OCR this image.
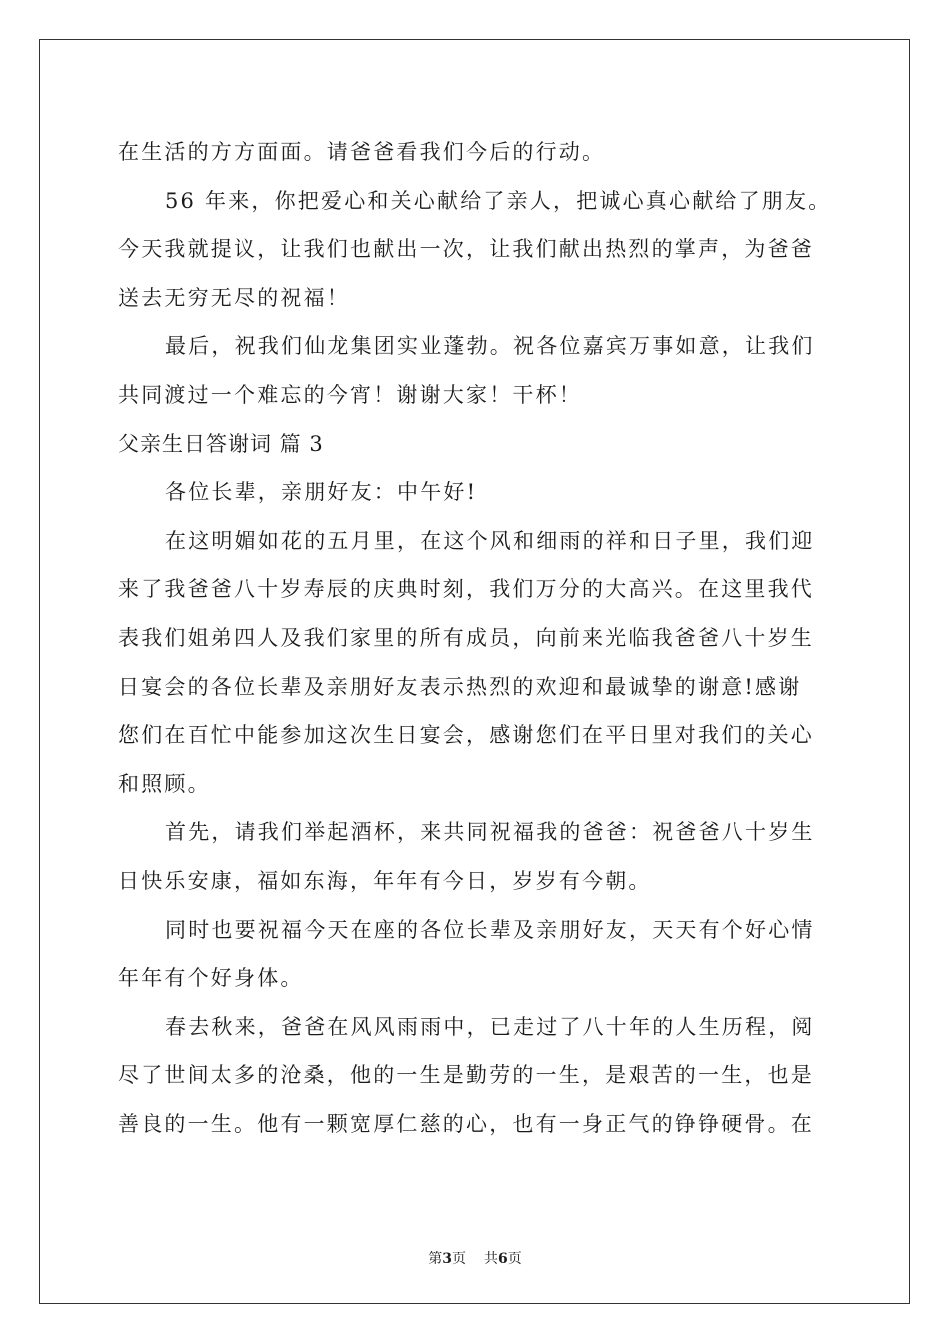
在生活的方方面面。请爸爸看我们今后的行动。
56 年来，你把爱心和关心献给了亲人，把诚心真心献给了朋友。
今天我就提议，让我们也献出一次，让我们献出热烈的掌声，为爸爸
送去无穷无尽的祝福！
最后，祝我们仙龙集团实业蓬勃。祝各位嘉宾万事如意，让我们
共同渡过一个难忘的今宵！谢谢大家！干杯！
父亲生日答谢词 篇 3
各位长辈，亲朋好友：中午好!
在这明媚如花的五月里，在这个风和细雨的祥和日子里，我们迎
来了我爸爸八十岁寿辰的庆典时刻，我们万分的大高兴。在这里我代
表我们姐弟四人及我们家里的所有成员，向前来光临我爸爸八十岁生
日宴会的各位长辈及亲朋好友表示热烈的欢迎和最诚挚的谢意!感谢
您们在百忙中能参加这次生日宴会，感谢您们在平日里对我们的关心
和照顾。
首先，请我们举起酒杯，来共同祝福我的爸爸：祝爸爸八十岁生
日快乐安康，福如东海，年年有今日，岁岁有今朝。
同时也要祝福今天在座的各位长辈及亲朋好友，天天有个好心情
年年有个好身体。
春去秋来，爸爸在风风雨雨中，已走过了八十年的人生历程，阅
尽了世间太多的沧桑，他的一生是勤劳的一生，是艰苦的一生，也是
善良的一生。他有一颗宽厚仁慈的心，也有一身正气的铮铮硬骨。在
第3页 共6页
